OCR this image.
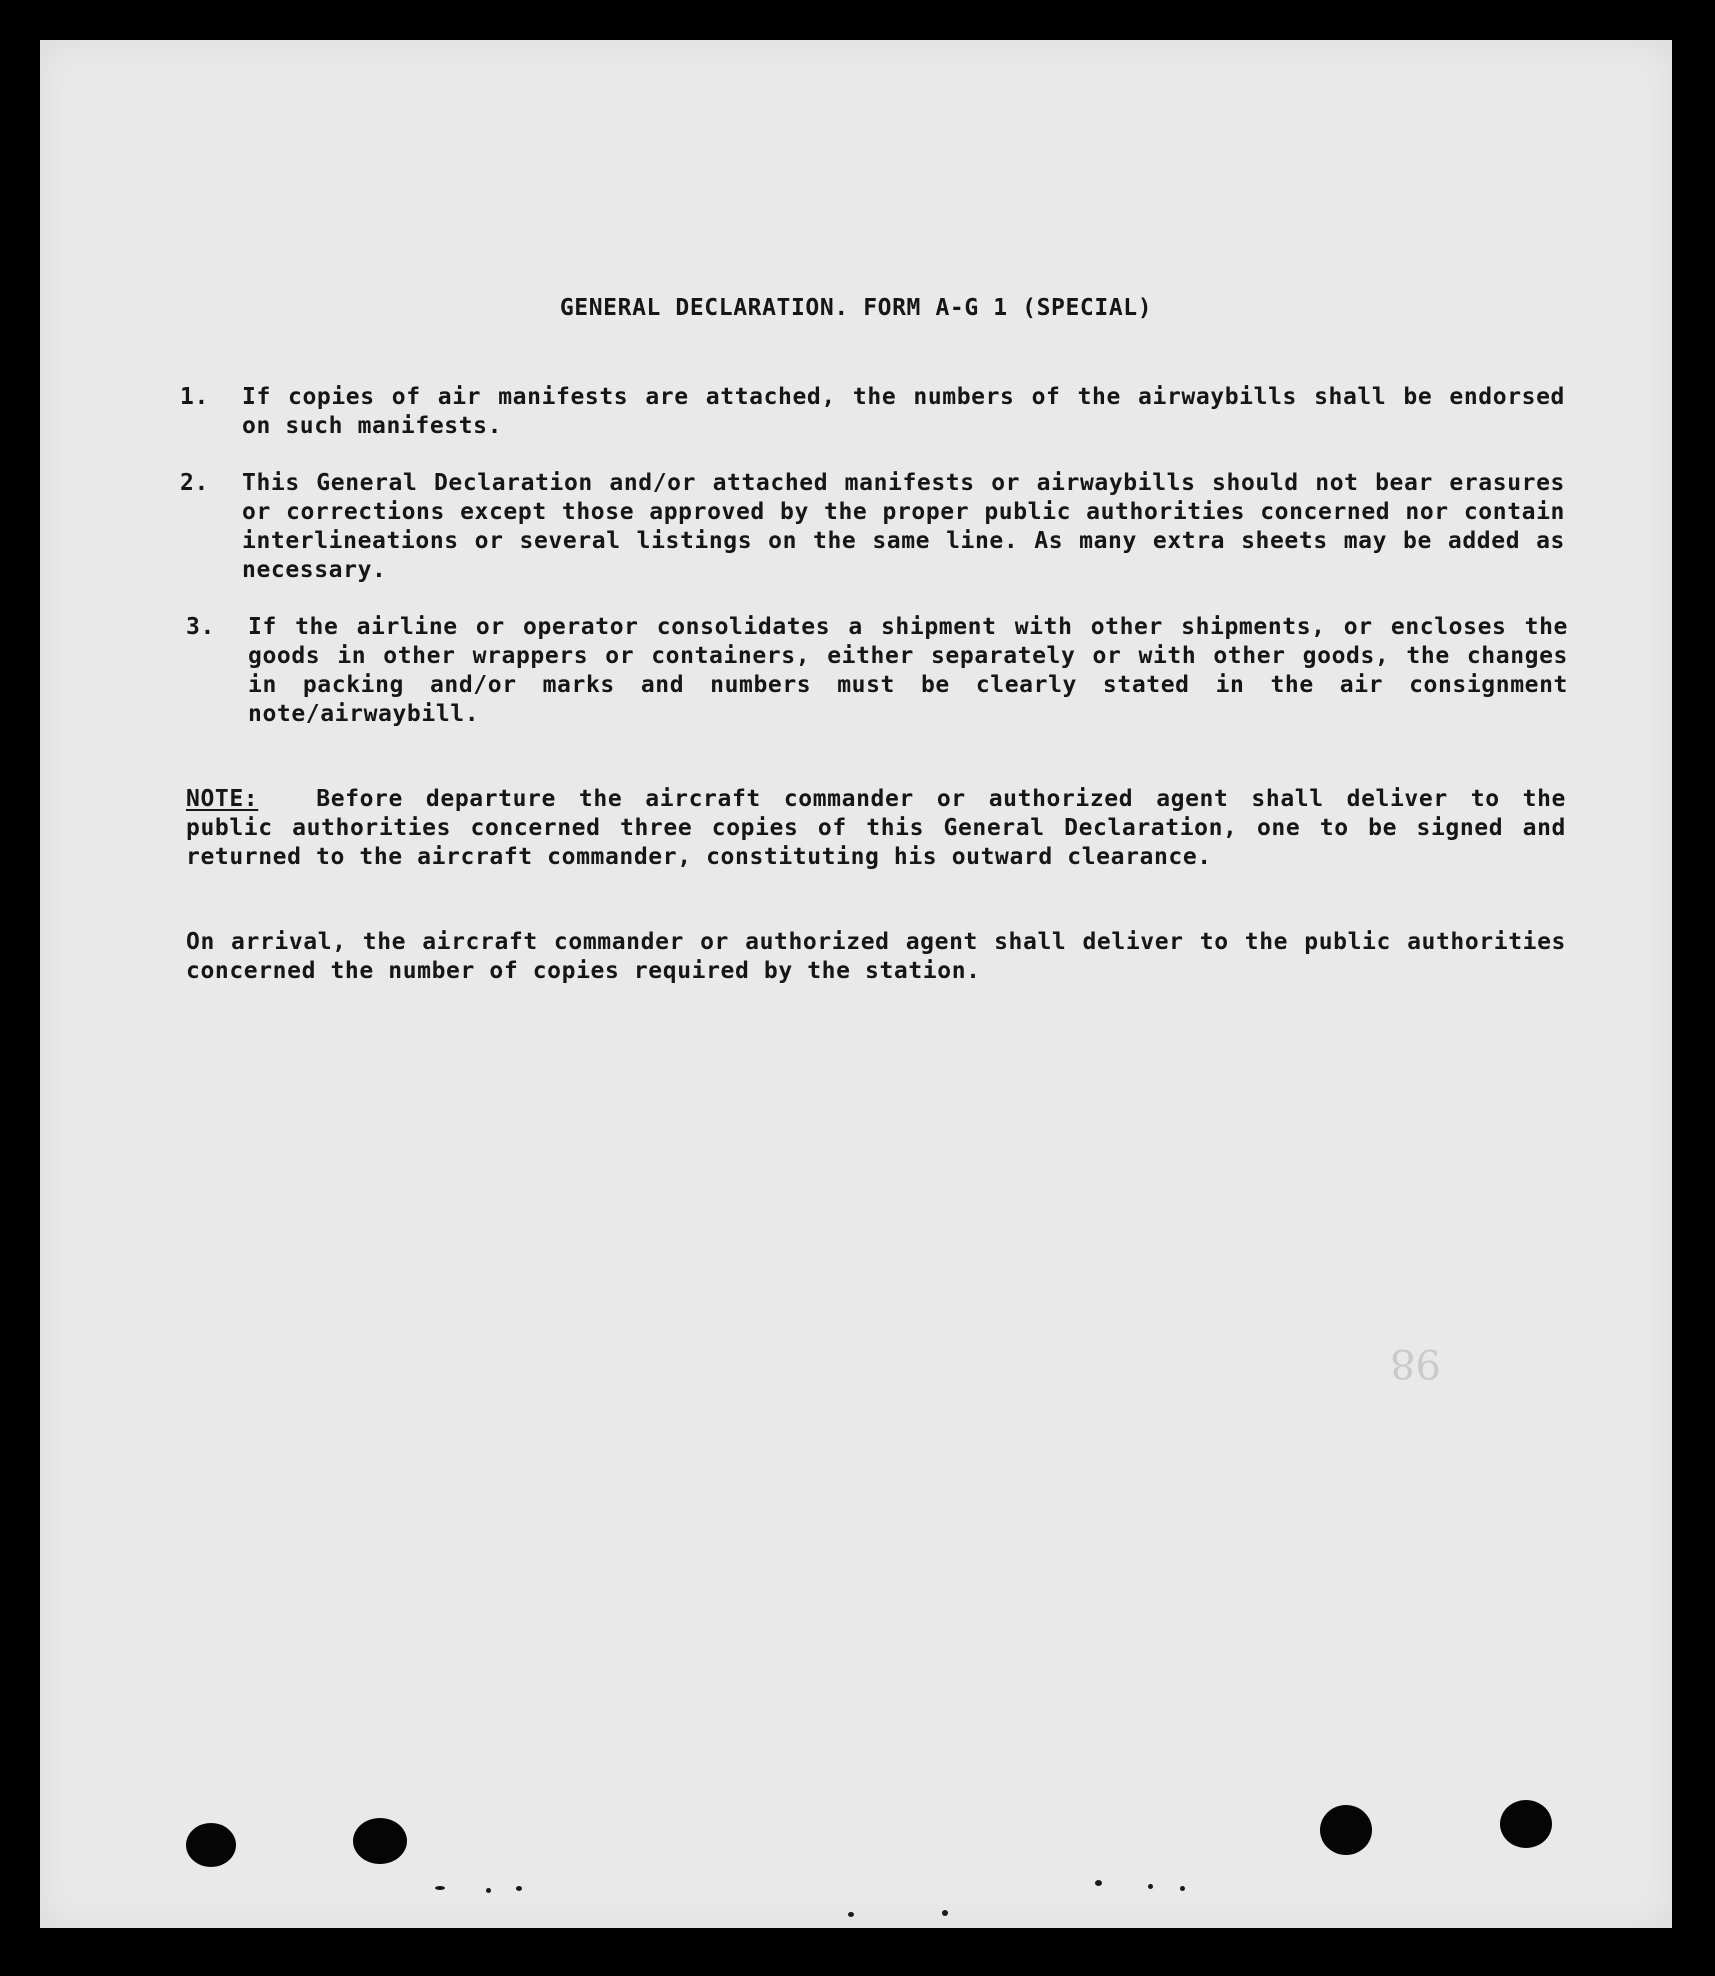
GENERAL DECLARATION. FORM A-G 1 (SPECIAL)
1.	If copies of air manifests are attached, the numbers of the airwaybills shall be endorsed on such manifests.
2.	This General Declaration and/or attached manifests or airwaybills should not bear erasures or corrections except those approved by the proper public authorities concerned nor contain interlineations or several listings on the same line. As many extra sheets may be added as necessary.
3.	If the airline or operator consolidates a shipment with other shipments, or encloses the goods in other wrappers or containers, either separately or with other goods, the changes in packing and/or marks and numbers must be clearly stated in the air consignment note/airwaybill.
NOTE:	Before departure the aircraft commander or authorized agent shall deliver to the public authorities concerned three copies of this General Declaration, one to be signed and returned to the aircraft commander, constituting his outward clearance.
On arrival, the aircraft commander or authorized agent shall deliver to the public authorities concerned the number of copies required by the station.
98
